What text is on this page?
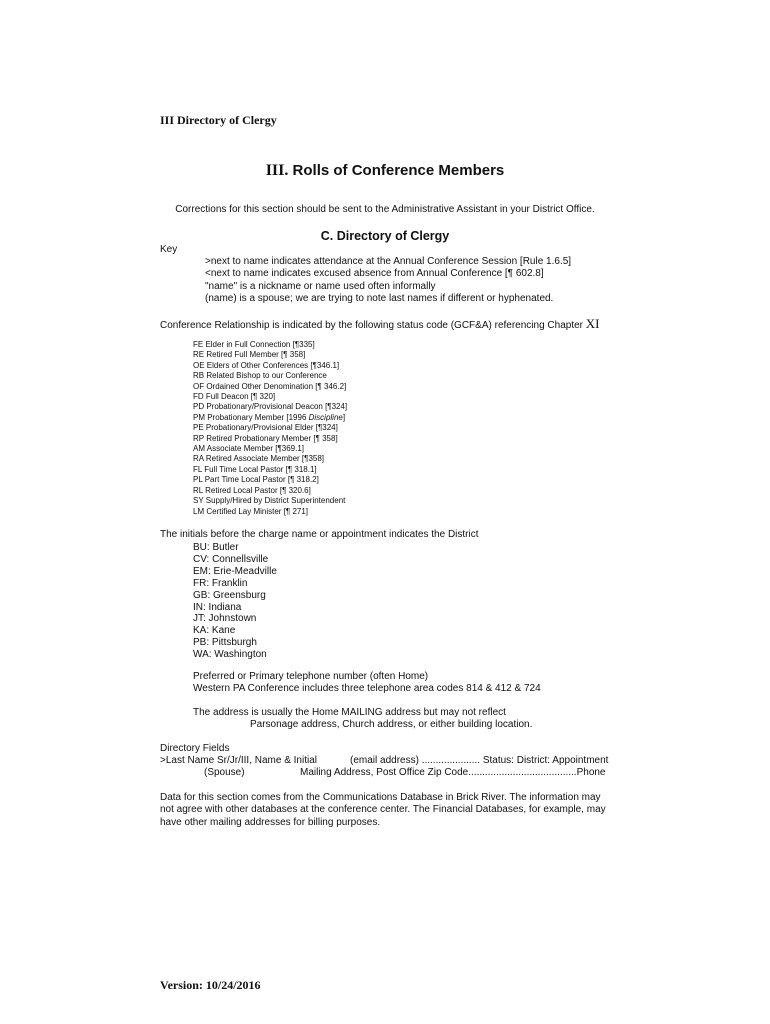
III Directory of Clergy
III. Rolls of Conference Members
Corrections for this section should be sent to the Administrative Assistant in your District Office.
C. Directory of Clergy
Key
>next to name indicates attendance at the Annual Conference Session [Rule 1.6.5]
<next to name indicates excused absence from Annual Conference [¶ 602.8]
"name" is a nickname or name used often informally
(name) is a spouse; we are trying to note last names if different or hyphenated.
Conference Relationship is indicated by the following status code (GCF&A) referencing Chapter XI
FE Elder in Full Connection [¶335]
RE Retired Full Member [¶ 358]
OE Elders of Other Conferences [¶346.1]
RB Related Bishop to our Conference
OF Ordained Other Denomination [¶ 346.2]
FD Full Deacon [¶ 320]
PD Probationary/Provisional Deacon [¶324]
PM Probationary Member [1996 Discipline]
PE Probationary/Provisional Elder [¶324]
RP Retired Probationary Member [¶ 358]
AM Associate Member [¶369.1]
RA Retired Associate Member [¶358]
FL Full Time Local Pastor [¶ 318.1]
PL Part Time Local Pastor [¶ 318.2]
RL Retired Local Pastor [¶ 320.6]
SY Supply/Hired by District Superintendent
LM Certified Lay Minister [¶ 271]
The initials before the charge name or appointment indicates the District
BU: Butler
CV: Connellsville
EM: Erie-Meadville
FR: Franklin
GB: Greensburg
IN: Indiana
JT: Johnstown
KA: Kane
PB: Pittsburgh
WA: Washington
Preferred or Primary telephone number (often Home)
Western PA Conference includes three telephone area codes 814 & 412 & 724
The address is usually the Home MAILING address but may not reflect
Parsonage address, Church address, or either building location.
Directory Fields
>Last Name Sr/Jr/III, Name & Initial	(email address) ..................... Status: District: Appointment
(Spouse)	Mailing Address, Post Office Zip Code.......................................Phone
Data for this section comes from the Communications Database in Brick River. The information may not agree with other databases at the conference center. The Financial Databases, for example, may have other mailing addresses for billing purposes.
Version: 10/24/2016
